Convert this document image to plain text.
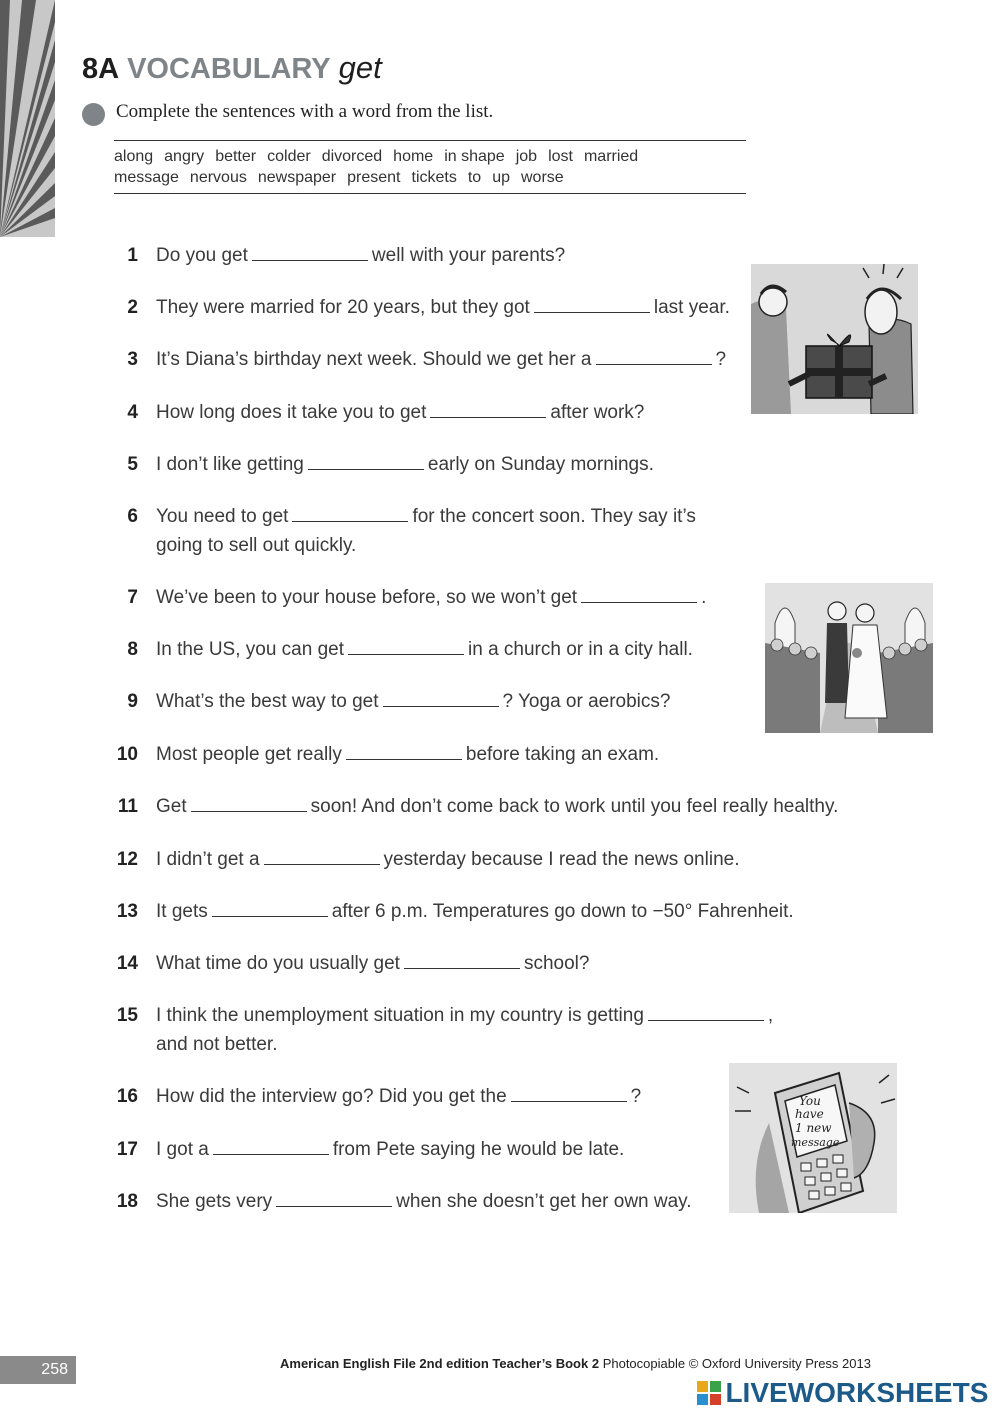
8A VOCABULARY get
Complete the sentences with a word from the list.
along angry better colder divorced home in shape job lost married
message nervous newspaper present tickets to up worse
1 Do you get	well with your parents?
2 They were married for 20 years, but they got	last year.
3 It’s Diana’s birthday next week. Should we get her a	?
4 How long does it take you to get	after work?
5 I don’t like getting	early on Sunday mornings.
6 You need to get	for the concert soon. They say it’s
going to sell out quickly.
7 We’ve been to your house before, so we won’t get	.
8 In the US, you can get	in a church or in a city hall.
9 What’s the best way to get	? Yoga or aerobics?
10 Most people get really	before taking an exam.
11 Get	soon! And don’t come back to work until you feel really healthy.
12 I didn’t get a	yesterday because I read the news online.
13 It gets	after 6 p.m. Temperatures go down to −50° Fahrenheit.
14 What time do you usually get	school?
15 I think the unemployment situation in my country is getting	,
and not better.
16 How did the interview go? Did you get the	?
17 I got a	from Pete saying he would be late.
18 She gets very	when she doesn’t get her own way.
You
have
1 new
message
258	American English File 2nd edition Teacher’s Book 2 Photocopiable © Oxford University Press 2013
LIVEWORKSHEETS
